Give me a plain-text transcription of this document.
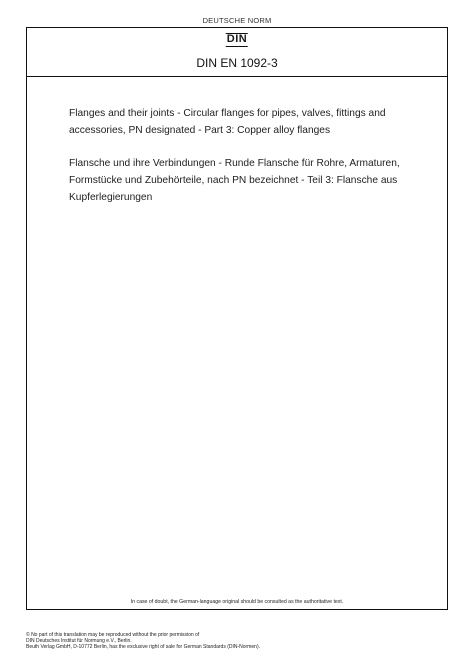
DEUTSCHE NORM
DIN
DIN EN 1092-3
Flanges and their joints - Circular flanges for pipes, valves, fittings and accessories, PN designated - Part 3: Copper alloy flanges
Flansche und ihre Verbindungen - Runde Flansche für Rohre, Armaturen, Formstücke und Zubehörteile, nach PN bezeichnet - Teil 3: Flansche aus Kupferlegierungen
In case of doubt, the German-language original should be consulted as the authoritative text.
© No part of this translation may be reproduced without the prior permission of
DIN Deutsches Institut für Normung e.V., Berlin.
Beuth Verlag GmbH, D-10772 Berlin, has the exclusive right of sale for German Standards (DIN-Normen).
